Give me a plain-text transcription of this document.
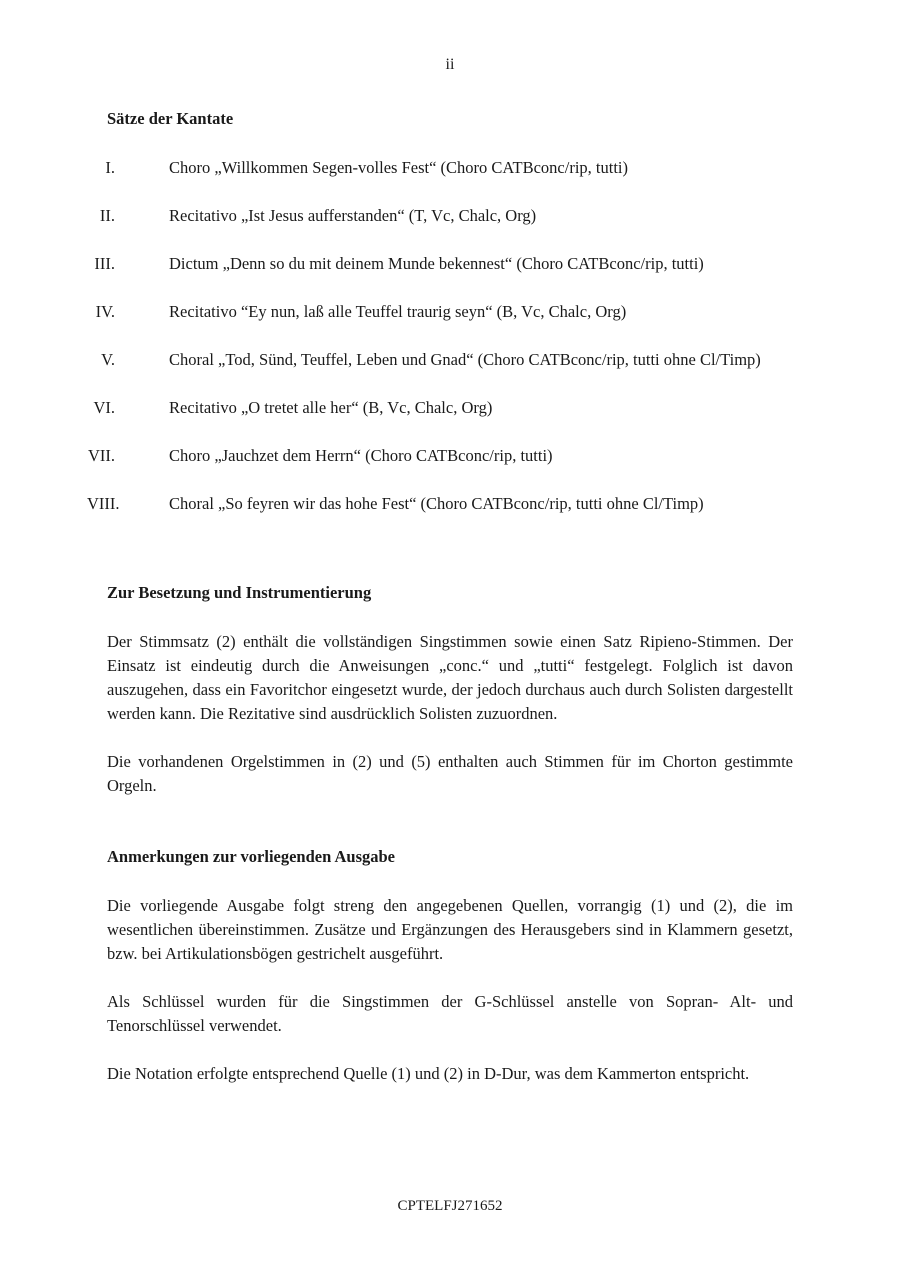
ii
Sätze der Kantate
I.	Choro „Willkommen Segen-volles Fest“ (Choro CATBconc/rip, tutti)
II.	Recitativo „Ist Jesus aufferstanden“ (T, Vc, Chalc, Org)
III.	Dictum „Denn so du mit deinem Munde bekennest“ (Choro CATBconc/rip, tutti)
IV.	Recitativo “Ey nun, laß alle Teuffel traurig seyn“ (B, Vc, Chalc, Org)
V.	Choral „Tod, Sünd, Teuffel, Leben und Gnad“ (Choro CATBconc/rip, tutti ohne Cl/Timp)
VI.	Recitativo „O tretet alle her“ (B, Vc, Chalc, Org)
VII.	Choro „Jauchzet dem Herrn“ (Choro CATBconc/rip, tutti)
VIII.	Choral „So feyren wir das hohe Fest“ (Choro CATBconc/rip, tutti ohne Cl/Timp)
Zur Besetzung und Instrumentierung

Der Stimmsatz (2) enthält die vollständigen Singstimmen sowie einen Satz Ripieno-Stimmen. Der Einsatz ist eindeutig durch die Anweisungen „conc.“ und „tutti“ festgelegt. Folglich ist davon auszugehen, dass ein Favoritchor eingesetzt wurde, der jedoch durchaus auch durch Solisten dargestellt werden kann. Die Rezitative sind ausdrücklich Solisten zuzuordnen.

Die vorhandenen Orgelstimmen in (2) und (5) enthalten auch Stimmen für im Chorton gestimmte Orgeln.

Anmerkungen zur vorliegenden Ausgabe

Die vorliegende Ausgabe folgt streng den angegebenen Quellen, vorrangig (1) und (2), die im wesentlichen übereinstimmen. Zusätze und Ergänzungen des Herausgebers sind in Klammern gesetzt, bzw. bei Artikulationsbögen gestrichelt ausgeführt.

Als Schlüssel wurden für die Singstimmen der G-Schlüssel anstelle von Sopran- Alt- und Tenorschlüssel verwendet.

Die Notation erfolgte entsprechend Quelle (1) und (2) in D-Dur, was dem Kammerton entspricht.

CPTELFJ271652
